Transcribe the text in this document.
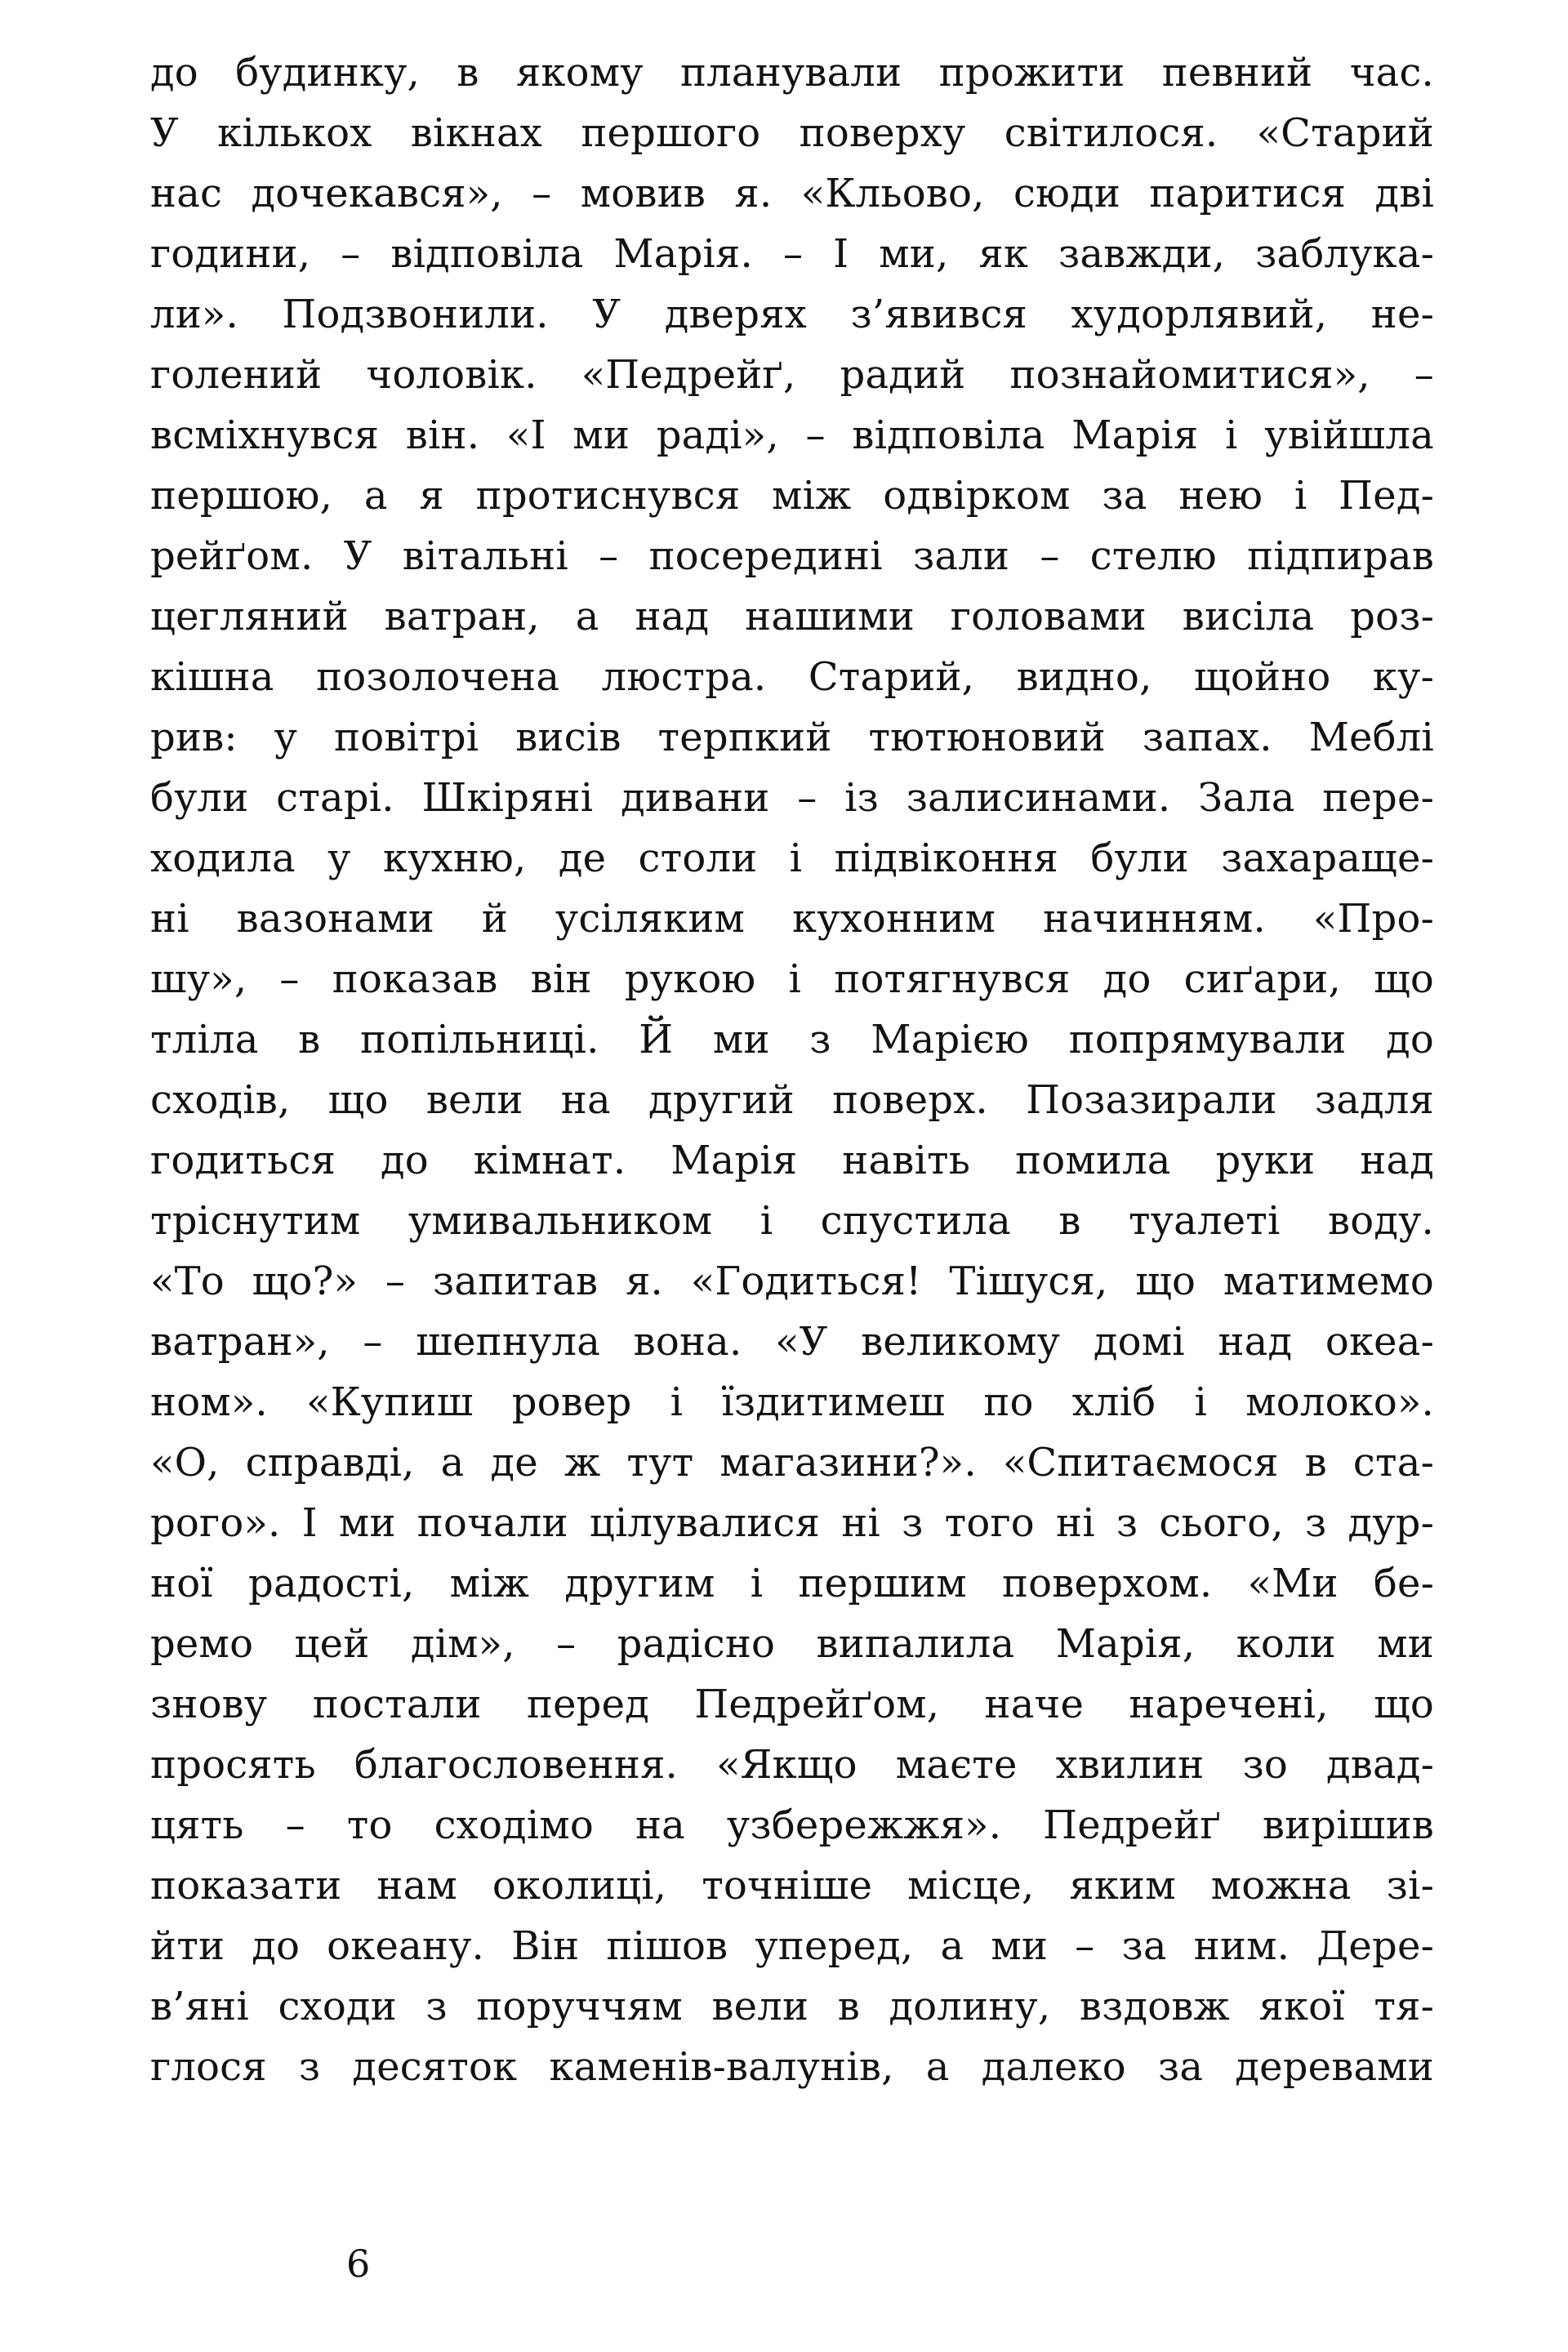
до будинку, в якому планували прожити певний час.
У кількох вікнах першого поверху світилося. «Старий
нас дочекався», – мовив я. «Кльово, сюди паритися дві
години, – відповіла Марія. – І ми, як завжди, заблука-
ли». Подзвонили. У дверях з’явився худорлявий, не-
голений чоловік. «Педрейґ, радий познайомитися», –
всміхнувся він. «І ми раді», – відповіла Марія і увійшла
першою, а я протиснувся між одвірком за нею і Пед-
рейґом. У вітальні – посередині зали – стелю підпирав
цегляний ватран, а над нашими головами висіла роз-
кішна позолочена люстра. Старий, видно, щойно ку-
рив: у повітрі висів терпкий тютюновий запах. Меблі
були старі. Шкіряні дивани – із залисинами. Зала пере-
ходила у кухню, де столи і підвіконня були захараще-
ні вазонами й усіляким кухонним начинням. «Про-
шу», – показав він рукою і потягнувся до сиґари, що
тліла в попільниці. Й ми з Марією попрямували до
сходів, що вели на другий поверх. Позазирали задля
годиться до кімнат. Марія навіть помила руки над
тріснутим умивальником і спустила в туалеті воду.
«То що?» – запитав я. «Годиться! Тішуся, що матимемо
ватран», – шепнула вона. «У великому домі над океа-
ном». «Купиш ровер і їздитимеш по хліб і молоко».
«О, справді, а де ж тут магазини?». «Спитаємося в ста-
рого». І ми почали цілувалися ні з того ні з сього, з дур-
ної радості, між другим і першим поверхом. «Ми бе-
ремо цей дім», – радісно випалила Марія, коли ми
знову постали перед Педрейґом, наче наречені, що
просять благословення. «Якщо маєте хвилин зо двад-
цять – то сходімо на узбережжя». Педрейґ вирішив
показати нам околиці, точніше місце, яким можна зі-
йти до океану. Він пішов уперед, а ми – за ним. Дере-
в’яні сходи з поруччям вели в долину, вздовж якої тя-
глося з десяток каменів-валунів, а далеко за деревами
6
